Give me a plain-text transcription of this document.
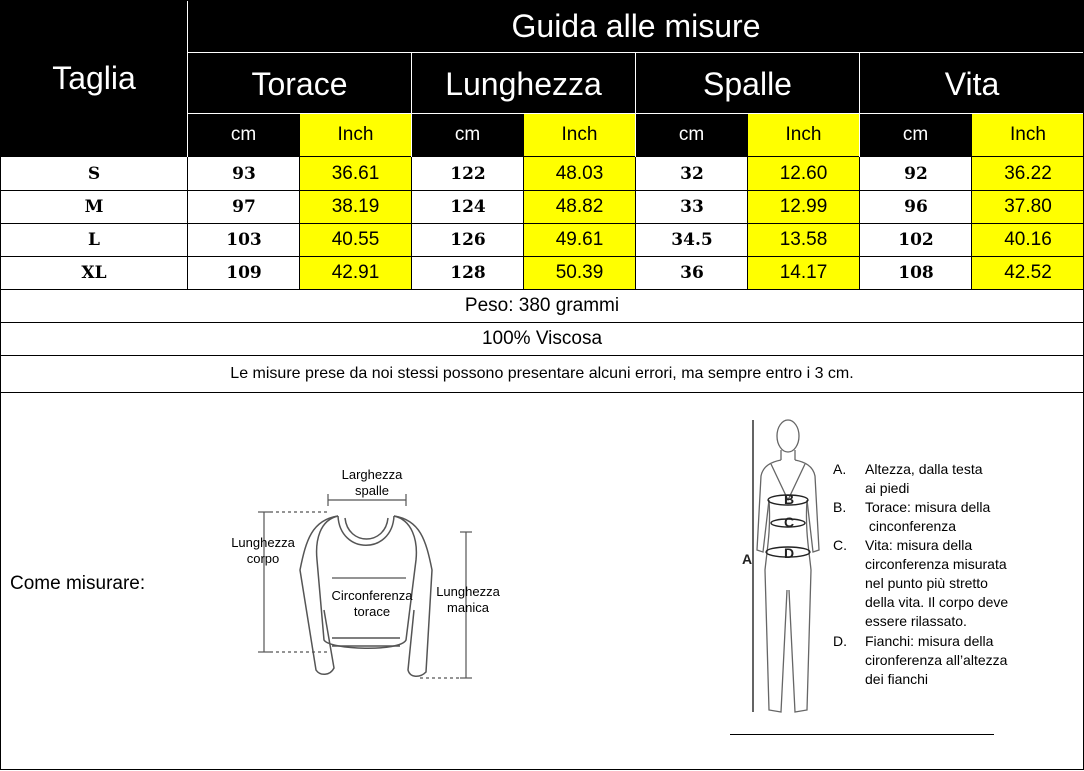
Guida alle misure
Taglia	Torace	Lunghezza	Spalle	Vita
cm	Inch	cm	Inch	cm	Inch	cm	Inch
S	93	36.61	122	48.03	32	12.60	92	36.22
M	97	38.19	124	48.82	33	12.99	96	37.80
L	103	40.55	126	49.61	34.5	13.58	102	40.16
XL	109	42.91	128	50.39	36	14.17	108	42.52
Peso: 380 grammi
100% Viscosa
Le misure prese da noi stessi possono presentare alcuni errori, ma sempre entro i 3 cm.
Come misurare:
Larghezza
spalle
Lunghezza
corpo
Circonferenza
torace
Lunghezza
manica
B
C
D
A
A. Altezza, dalla testa
ai piedi
B. Torace: misura della
cinconferenza
C. Vita: misura della
circonferenza misurata
nel punto più stretto
della vita. Il corpo deve
essere rilassato.
D. Fianchi: misura della
cironferenza all’altezza
dei fianchi
